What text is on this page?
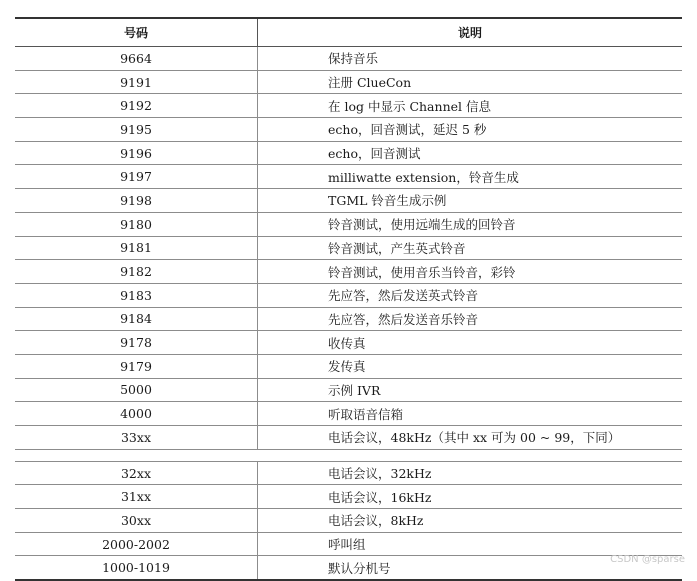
号码	说明
9664	保持音乐
9191	注册 ClueCon
9192	在 log 中显示 Channel 信息
9195	echo，回音测试，延迟 5 秒
9196	echo，回音测试
9197	milliwatte extension，铃音生成
9198	TGML 铃音生成示例
9180	铃音测试，使用远端生成的回铃音
9181	铃音测试，产生英式铃音
9182	铃音测试，使用音乐当铃音，彩铃
9183	先应答，然后发送英式铃音
9184	先应答，然后发送音乐铃音
9178	收传真
9179	发传真
5000	示例 IVR
4000	听取语音信箱
33xx	电话会议，48kHz（其中 xx 可为 00 ~ 99，下同）
32xx	电话会议，32kHz
31xx	电话会议，16kHz
30xx	电话会议，8kHz
2000-2002	呼叫组
1000-1019	默认分机号
CSDN @sparse
